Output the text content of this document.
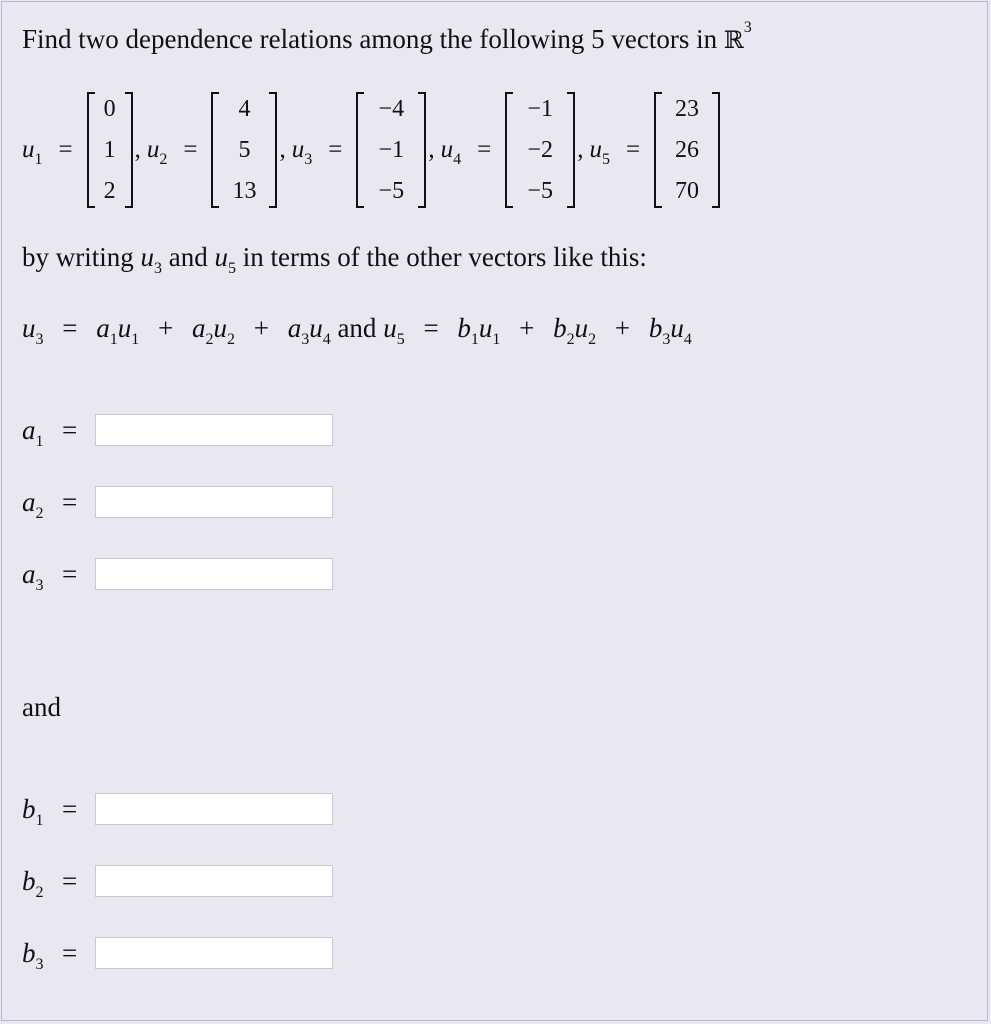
Find two dependence relations among the following 5 vectors in ℝ$^3$
$u_1$ =
0
1
2
, $u_2$ =
4
5
13
, $u_3$ =
−4
−1
−5
, $u_4$ =
−1
−2
−5
, $u_5$ =
23
26
70
by writing $u_3$ and $u_5$ in terms of the other vectors like this:
$u_3 = a_1u_1 + a_2u_2 + a_3u_4$ and $u_5 = b_1u_1 + b_2u_2 + b_3u_4$
$a_1$ =
$a_2$ =
$a_3$ =
and
$b_1$ =
$b_2$ =
$b_3$ =
